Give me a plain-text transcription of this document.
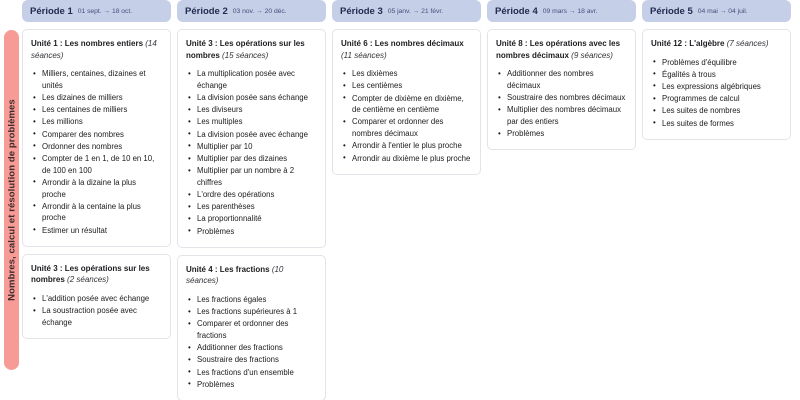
Nombres, calcul et résolution de problèmes
Période 1 01 sept. → 18 oct.
Unité 1 : Les nombres entiers (14 séances)
• Milliers, centaines, dizaines et unités
• Les dizaines de milliers
• Les centaines de milliers
• Les millions
• Comparer des nombres
• Ordonner des nombres
• Compter de 1 en 1, de 10 en 10, de 100 en 100
• Arrondir à la dizaine la plus proche
• Arrondir à la centaine la plus proche
• Estimer un résultat
Unité 3 : Les opérations sur les nombres (2 séances)
• L'addition posée avec échange
• La soustraction posée avec échange
Période 2 03 nov. → 20 déc.
Unité 3 : Les opérations sur les nombres (15 séances)
• La multiplication posée avec échange
• La division posée sans échange
• Les diviseurs
• Les multiples
• La division posée avec échange
• Multiplier par 10
• Multiplier par des dizaines
• Multiplier par un nombre à 2 chiffres
• L'ordre des opérations
• Les parenthèses
• La proportionnalité
• Problèmes
Unité 4 : Les fractions (10 séances)
• Les fractions égales
• Les fractions supérieures à 1
• Comparer et ordonner des fractions
• Additionner des fractions
• Soustraire des fractions
• Les fractions d'un ensemble
• Problèmes
Période 3 05 janv. → 21 févr.
Unité 6 : Les nombres décimaux (11 séances)
• Les dixièmes
• Les centièmes
• Compter de dixième en dixième, de centième en centième
• Comparer et ordonner des nombres décimaux
• Arrondir à l'entier le plus proche
• Arrondir au dixième le plus proche
Période 4 09 mars → 18 avr.
Unité 8 : Les opérations avec les nombres décimaux (9 séances)
• Additionner des nombres décimaux
• Soustraire des nombres décimaux
• Multiplier des nombres décimaux par des entiers
• Problèmes
Période 5 04 mai → 04 juil.
Unité 12 : L'algèbre (7 séances)
• Problèmes d'équilibre
• Égalités à trous
• Les expressions algébriques
• Programmes de calcul
• Les suites de nombres
• Les suites de formes
